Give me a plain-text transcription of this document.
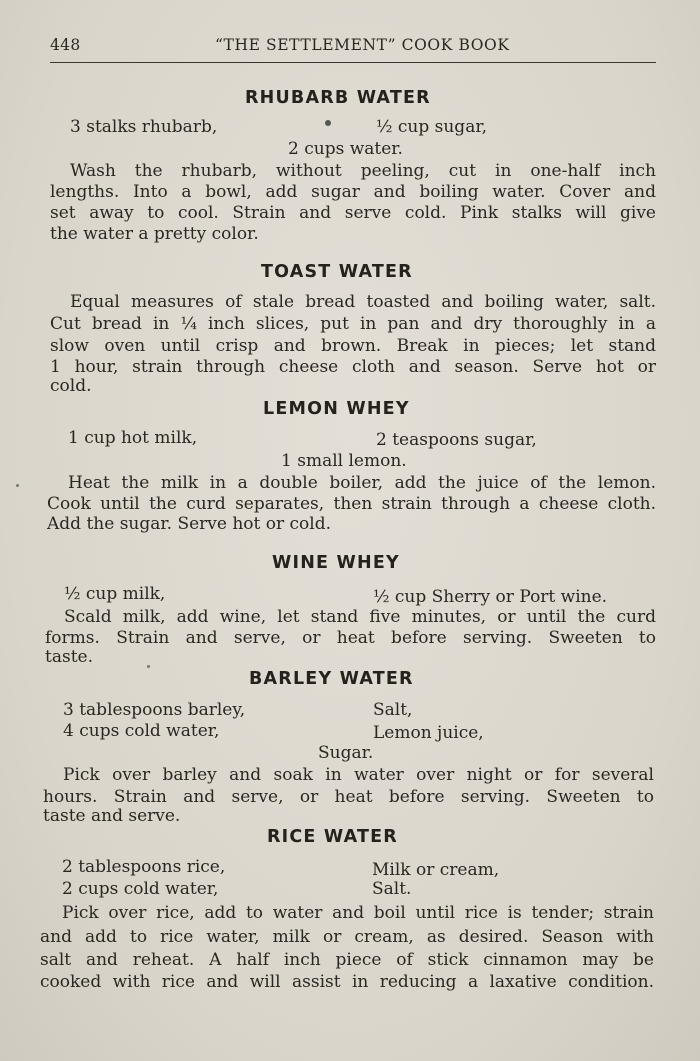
448	“THE SETTLEMENT” COOK BOOK
RHUBARB WATER
3 stalks rhubarb,	½ cup sugar,
2 cups water.
Wash the rhubarb, without peeling, cut in one-half inch
lengths. Into a bowl, add sugar and boiling water. Cover and
set away to cool. Strain and serve cold. Pink stalks will give
the water a pretty color.
TOAST WATER
Equal measures of stale bread toasted and boiling water, salt.
Cut bread in ¼ inch slices, put in pan and dry thoroughly in a
slow oven until crisp and brown. Break in pieces; let stand
1 hour, strain through cheese cloth and season. Serve hot or
cold.
LEMON WHEY
1 cup hot milk,	2 teaspoons sugar,
1 small lemon.
Heat the milk in a double boiler, add the juice of the lemon.
Cook until the curd separates, then strain through a cheese cloth.
Add the sugar. Serve hot or cold.
WINE WHEY
½ cup milk,	½ cup Sherry or Port wine.
Scald milk, add wine, let stand five minutes, or until the curd
forms. Strain and serve, or heat before serving. Sweeten to
taste.
BARLEY WATER
3 tablespoons barley,	Salt,
4 cups cold water,	Lemon juice,
Sugar.
Pick over barley and soak in water over night or for several
hours. Strain and serve, or heat before serving. Sweeten to
taste and serve.
RICE WATER
2 tablespoons rice,	Milk or cream,
2 cups cold water,	Salt.
Pick over rice, add to water and boil until rice is tender; strain
and add to rice water, milk or cream, as desired. Season with
salt and reheat. A half inch piece of stick cinnamon may be
cooked with rice and will assist in reducing a laxative condition.
